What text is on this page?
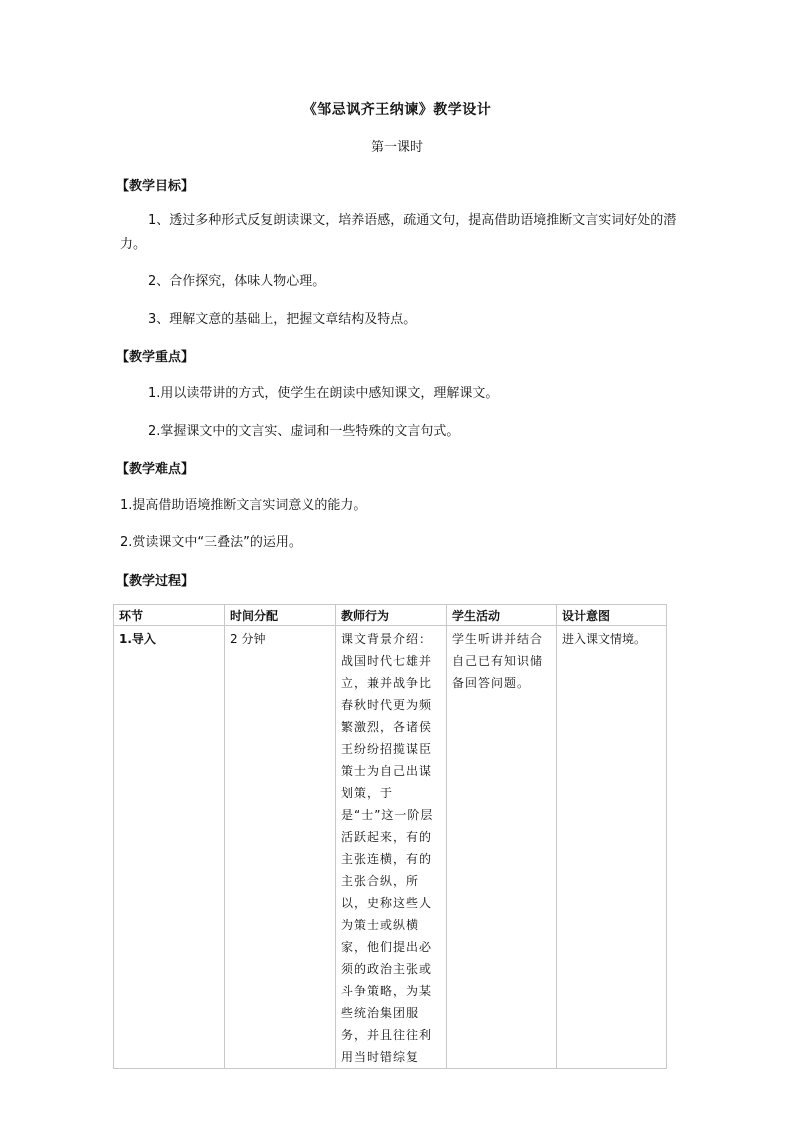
《邹忌讽齐王纳谏》教学设计
第一课时
【教学目标】
1、透过多种形式反复朗读课文，培养语感，疏通文句，提高借助语境推断文言实词好处的潜力。
2、合作探究，体味人物心理。
3、理解文意的基础上，把握文章结构及特点。
【教学重点】
1.用以读带讲的方式，使学生在朗读中感知课文，理解课文。
2.掌握课文中的文言实、虚词和一些特殊的文言句式。
【教学难点】
1.提高借助语境推断文言实词意义的能力。
2.赏读课文中“三叠法”的运用。
【教学过程】
环节	时间分配	教师行为	学生活动	设计意图
1.导入	2 分钟	课文背景介绍：战国时代七雄并立，兼并战争比春秋时代更为频繁激烈，各诸侯王纷纷招揽谋臣策士为自己出谋划策，于是“士”这一阶层活跃起来，有的主张连横，有的主张合纵，所以，史称这些人为策士或纵横家，他们提出必须的政治主张或斗争策略，为某些统治集团服务，并且往往利用当时错综复	学生听讲并结合自己已有知识储备回答问题。	进入课文情境。
